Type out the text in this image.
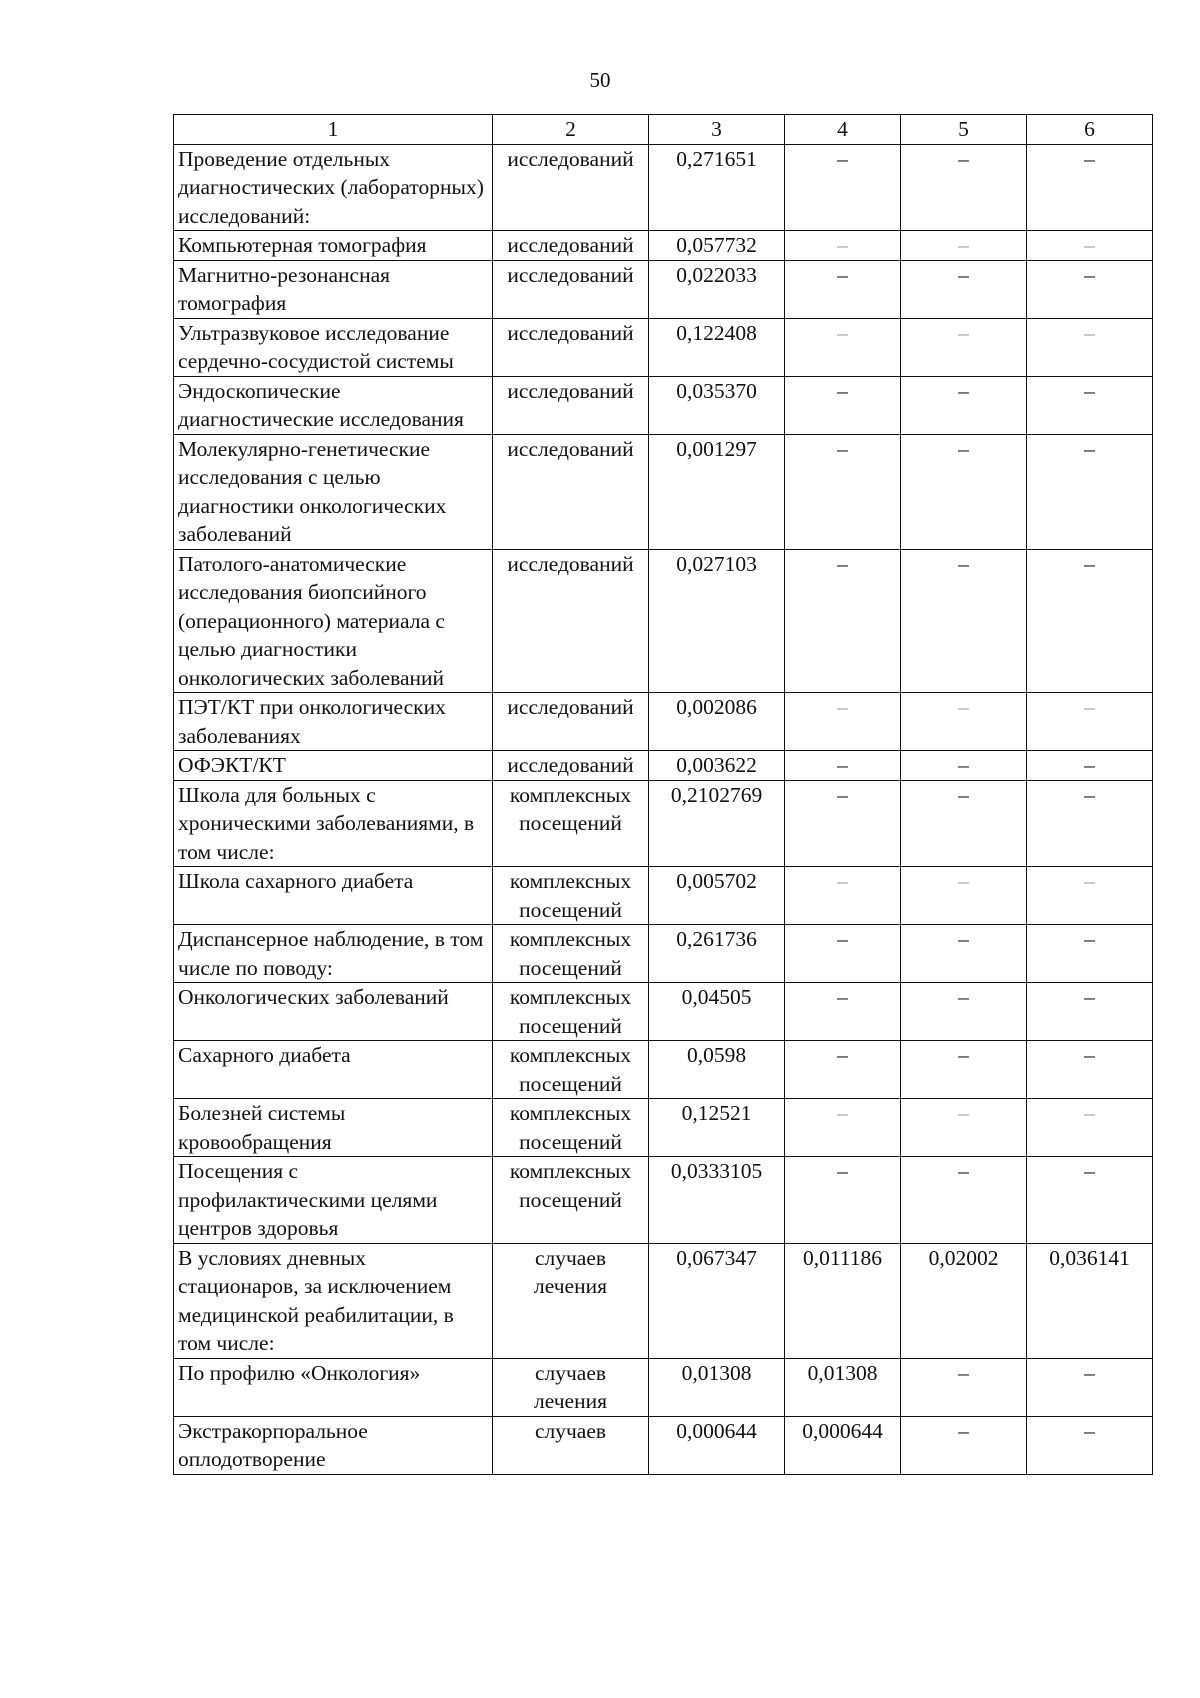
50
1	2	3	4	5	6
Проведение отдельных диагностических (лабораторных) исследований:	исследований	0,271651	–	–	–
Компьютерная томография	исследований	0,057732	–	–	–
Магнитно-резонансная томография	исследований	0,022033	–	–	–
Ультразвуковое исследование сердечно-сосудистой системы	исследований	0,122408	–	–	–
Эндоскопические диагностические исследования	исследований	0,035370	–	–	–
Молекулярно-генетические исследования с целью диагностики онкологических заболеваний	исследований	0,001297	–	–	–
Патолого-анатомические исследования биопсийного (операционного) материала с целью диагностики онкологических заболеваний	исследований	0,027103	–	–	–
ПЭТ/КТ при онкологических заболеваниях	исследований	0,002086	–	–	–
ОФЭКТ/КТ	исследований	0,003622	–	–	–
Школа для больных с хроническими заболеваниями, в том числе:	комплексных посещений	0,2102769	–	–	–
Школа сахарного диабета	комплексных посещений	0,005702	–	–	–
Диспансерное наблюдение, в том числе по поводу:	комплексных посещений	0,261736	–	–	–
Онкологических заболеваний	комплексных посещений	0,04505	–	–	–
Сахарного диабета	комплексных посещений	0,0598	–	–	–
Болезней системы кровообращения	комплексных посещений	0,12521	–	–	–
Посещения с профилактическими целями центров здоровья	комплексных посещений	0,0333105	–	–	–
В условиях дневных стационаров, за исключением медицинской реабилитации, в том числе:	случаев лечения	0,067347	0,011186	0,02002	0,036141
По профилю «Онкология»	случаев лечения	0,01308	0,01308	–	–
Экстракорпоральное оплодотворение	случаев	0,000644	0,000644	–	–
